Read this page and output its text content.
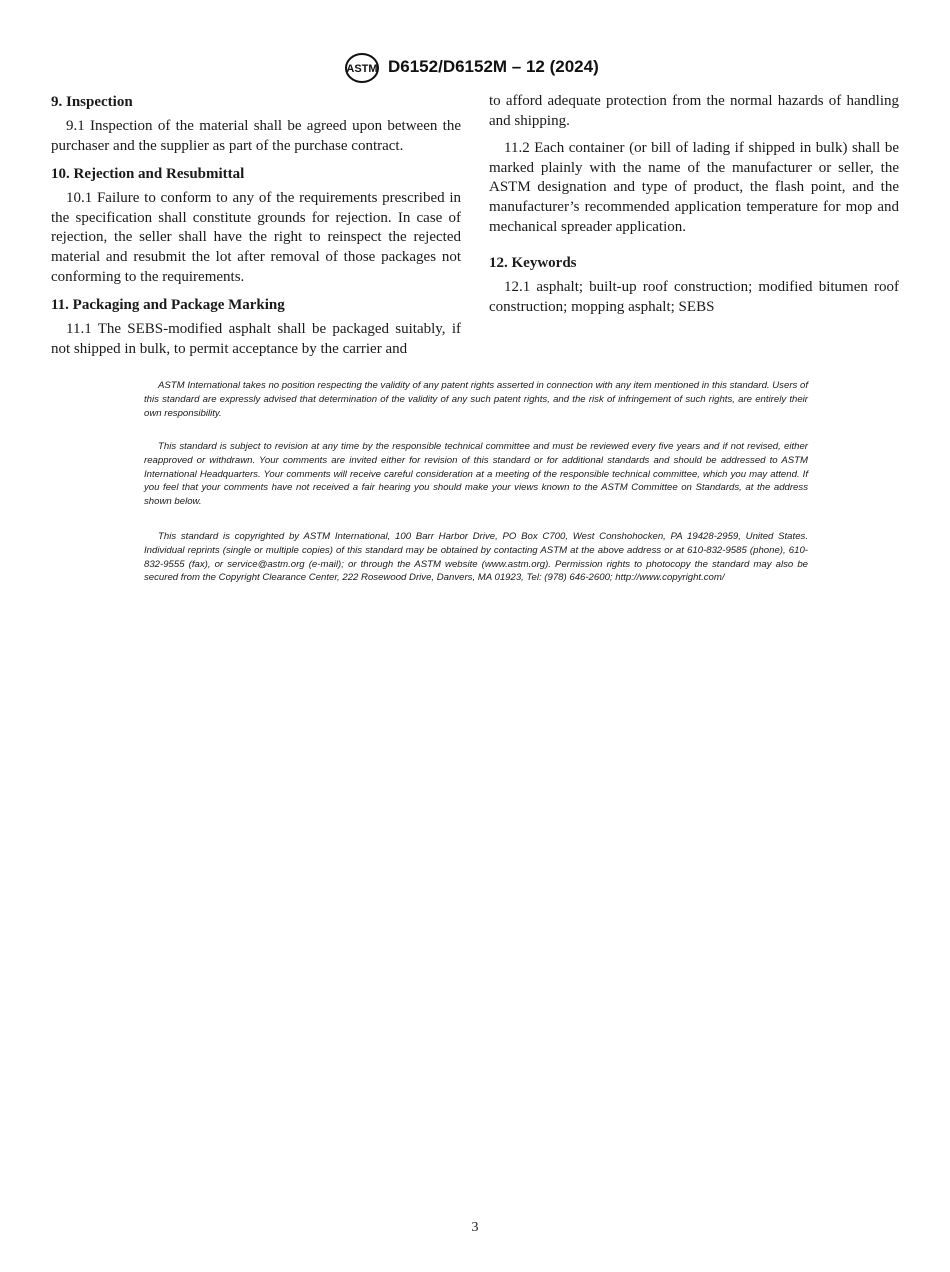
ASTM D6152/D6152M – 12 (2024)
9. Inspection

9.1 Inspection of the material shall be agreed upon between the purchaser and the supplier as part of the purchase contract.

10. Rejection and Resubmittal

10.1 Failure to conform to any of the requirements prescribed in the specification shall constitute grounds for rejection. In case of rejection, the seller shall have the right to reinspect the rejected material and resubmit the lot after removal of those packages not conforming to the requirements.

11. Packaging and Package Marking

11.1 The SEBS-modified asphalt shall be packaged suitably, if not shipped in bulk, to permit acceptance by the carrier and

to afford adequate protection from the normal hazards of handling and shipping.

11.2 Each container (or bill of lading if shipped in bulk) shall be marked plainly with the name of the manufacturer or seller, the ASTM designation and type of product, the flash point, and the manufacturer’s recommended application temperature for mop and mechanical spreader application.

12. Keywords

12.1 asphalt; built-up roof construction; modified bitumen roof construction; mopping asphalt; SEBS

ASTM International takes no position respecting the validity of any patent rights asserted in connection with any item mentioned in this standard. Users of this standard are expressly advised that determination of the validity of any such patent rights, and the risk of infringement of such rights, are entirely their own responsibility.

This standard is subject to revision at any time by the responsible technical committee and must be reviewed every five years and if not revised, either reapproved or withdrawn. Your comments are invited either for revision of this standard or for additional standards and should be addressed to ASTM International Headquarters. Your comments will receive careful consideration at a meeting of the responsible technical committee, which you may attend. If you feel that your comments have not received a fair hearing you should make your views known to the ASTM Committee on Standards, at the address shown below.

This standard is copyrighted by ASTM International, 100 Barr Harbor Drive, PO Box C700, West Conshohocken, PA 19428-2959, United States. Individual reprints (single or multiple copies) of this standard may be obtained by contacting ASTM at the above address or at 610-832-9585 (phone), 610-832-9555 (fax), or service@astm.org (e-mail); or through the ASTM website (www.astm.org). Permission rights to photocopy the standard may also be secured from the Copyright Clearance Center, 222 Rosewood Drive, Danvers, MA 01923, Tel: (978) 646-2600; http://www.copyright.com/

3
